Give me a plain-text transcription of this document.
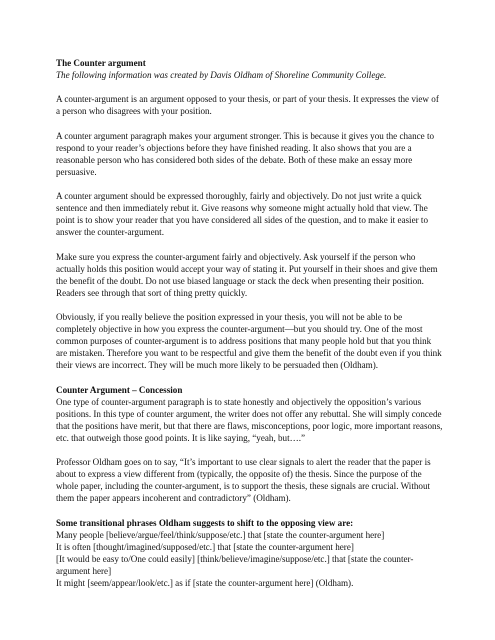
The Counter argument
The following information was created by Davis Oldham of Shoreline Community College.

A counter-argument is an argument opposed to your thesis, or part of your thesis. It expresses the view of a person who disagrees with your position.

A counter argument paragraph makes your argument stronger. This is because it gives you the chance to respond to your reader’s objections before they have finished reading. It also shows that you are a reasonable person who has considered both sides of the debate. Both of these make an essay more persuasive.

A counter argument should be expressed thoroughly, fairly and objectively. Do not just write a quick sentence and then immediately rebut it. Give reasons why someone might actually hold that view. The point is to show your reader that you have considered all sides of the question, and to make it easier to answer the counter-argument.

Make sure you express the counter-argument fairly and objectively. Ask yourself if the person who actually holds this position would accept your way of stating it. Put yourself in their shoes and give them the benefit of the doubt. Do not use biased language or stack the deck when presenting their position. Readers see through that sort of thing pretty quickly.

Obviously, if you really believe the position expressed in your thesis, you will not be able to be completely objective in how you express the counter-argument—but you should try. One of the most common purposes of counter-argument is to address positions that many people hold but that you think are mistaken. Therefore you want to be respectful and give them the benefit of the doubt even if you think their views are incorrect. They will be much more likely to be persuaded then (Oldham).

Counter Argument – Concession

One type of counter-argument paragraph is to state honestly and objectively the opposition’s various positions. In this type of counter argument, the writer does not offer any rebuttal. She will simply concede that the positions have merit, but that there are flaws, misconceptions, poor logic, more important reasons, etc. that outweigh those good points. It is like saying, “yeah, but….”

Professor Oldham goes on to say, “It’s important to use clear signals to alert the reader that the paper is about to express a view different from (typically, the opposite of) the thesis. Since the purpose of the whole paper, including the counter-argument, is to support the thesis, these signals are crucial. Without them the paper appears incoherent and contradictory” (Oldham).

Some transitional phrases Oldham suggests to shift to the opposing view are:
Many people [believe/argue/feel/think/suppose/etc.] that [state the counter-argument here]
It is often [thought/imagined/supposed/etc.] that [state the counter-argument here]
[It would be easy to/One could easily] [think/believe/imagine/suppose/etc.] that [state the counter-argument here]
It might [seem/appear/look/etc.] as if [state the counter-argument here] (Oldham).
